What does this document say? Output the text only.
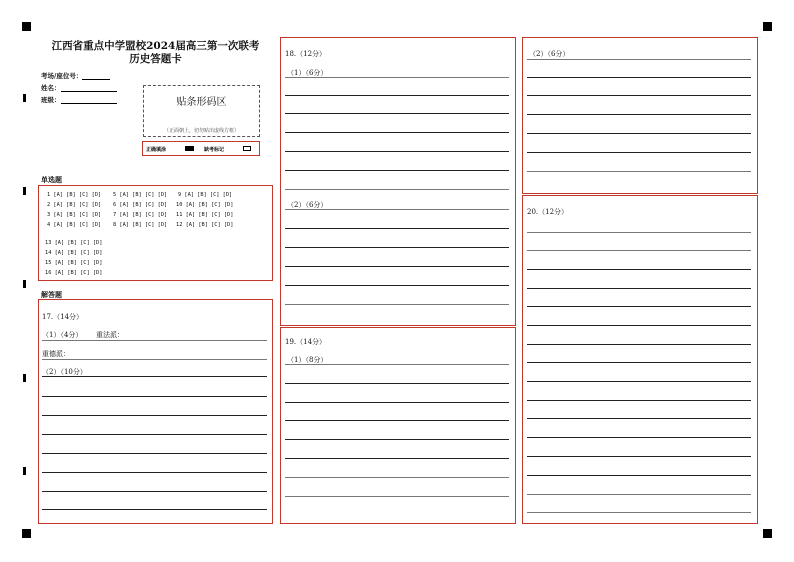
江西省重点中学盟校2024届高三第一次联考
历史答题卡
考场/座位号：
姓名：
班级：	贴条形码区
（正面朝上，切勿贴出虚线方框）
正确填涂	缺考标记
单选题
1 [A] [B] [C] [D] 5 [A] [B] [C] [D] 9 [A] [B] [C] [D]
2 [A] [B] [C] [D] 6 [A] [B] [C] [D] 10 [A] [B] [C] [D]
3 [A] [B] [C] [D] 7 [A] [B] [C] [D] 11 [A] [B] [C] [D]
4 [A] [B] [C] [D] 8 [A] [B] [C] [D] 12 [A] [B] [C] [D]
13 [A] [B] [C] [D]
14 [A] [B] [C] [D]
15 [A] [B] [C] [D]
16 [A] [B] [C] [D]
解答题
17.（14分）
（1）（4分） 重法派：
重德派：
（2）（10分）
18.（12分）
（1）（6分）
（2）（6分）
19.（14分）
（1）（8分）
（2）（6分）
20.（12分）
